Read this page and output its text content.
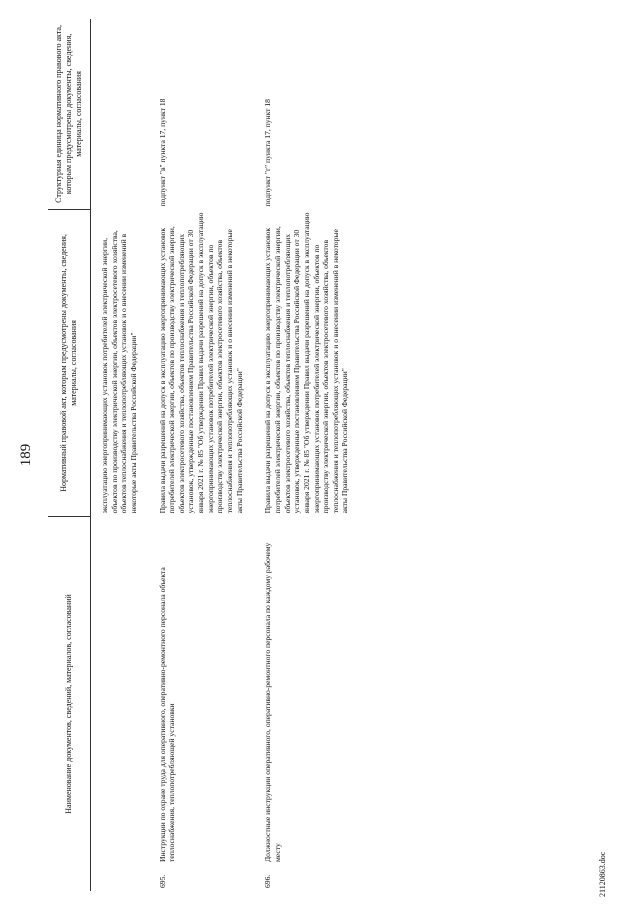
189
Наименование документов, сведений, материалов, согласований	Нормативный правовой акт, которым предусмотрены документы, сведения, материалы, согласования	Структурная единица нормативного правового акта, которым предусмотрены документы, сведения, материалы, согласования
	эксплуатацию энергопринимающих установок потребителей электрической энергии, объектов по производству электрической энергии, объектов электросетевого хозяйства, объектов теплоснабжения и теплопотребляющих установок и о внесении изменений в некоторые акты Правительства Российской Федерации"	
695.Инструкции по охране труда для оперативного, оперативно-ремонтного персонала объекта теплоснабжения, теплопотребляющей установки	Правила выдачи разрешений на допуск в эксплуатацию энергопринимающих установок потребителей электрической энергии, объектов по производству электрической энергии, объектов электросетевого хозяйства, объектов теплоснабжения и теплопотребляющих установок, утвержденные постановлением Правительства Российской Федерации от 30 января 2021 г. № 85 "Об утверждении Правил выдачи разрешений на допуск в эксплуатацию энергопринимающих установок потребителей электрической энергии, объектов по производству электрической энергии, объектов электросетевого хозяйства, объектов теплоснабжения и теплопотребляющих установок и о внесении изменений в некоторые акты Правительства Российской Федерации"	подпункт "в" пункта 17, пункт 18
696.Должностные инструкции оперативного, оперативно-ремонтного персонала по каждому рабочему месту	Правила выдачи разрешений на допуск в эксплуатацию энергопринимающих установок потребителей электрической энергии, объектов по производству электрической энергии, объектов электросетевого хозяйства, объектов теплоснабжения и теплопотребляющих установок, утвержденные постановлением Правительства Российской Федерации от 30 января 2021 г. № 85 "Об утверждении Правил выдачи разрешений на допуск в эксплуатацию энергопринимающих установок потребителей электрической энергии, объектов по производству электрической энергии, объектов электросетевого хозяйства, объектов теплоснабжения и теплопотребляющих установок и о внесении изменений в некоторые акты Правительства Российской Федерации"	подпункт "г" пункта 17, пункт 18
21120863.doc
